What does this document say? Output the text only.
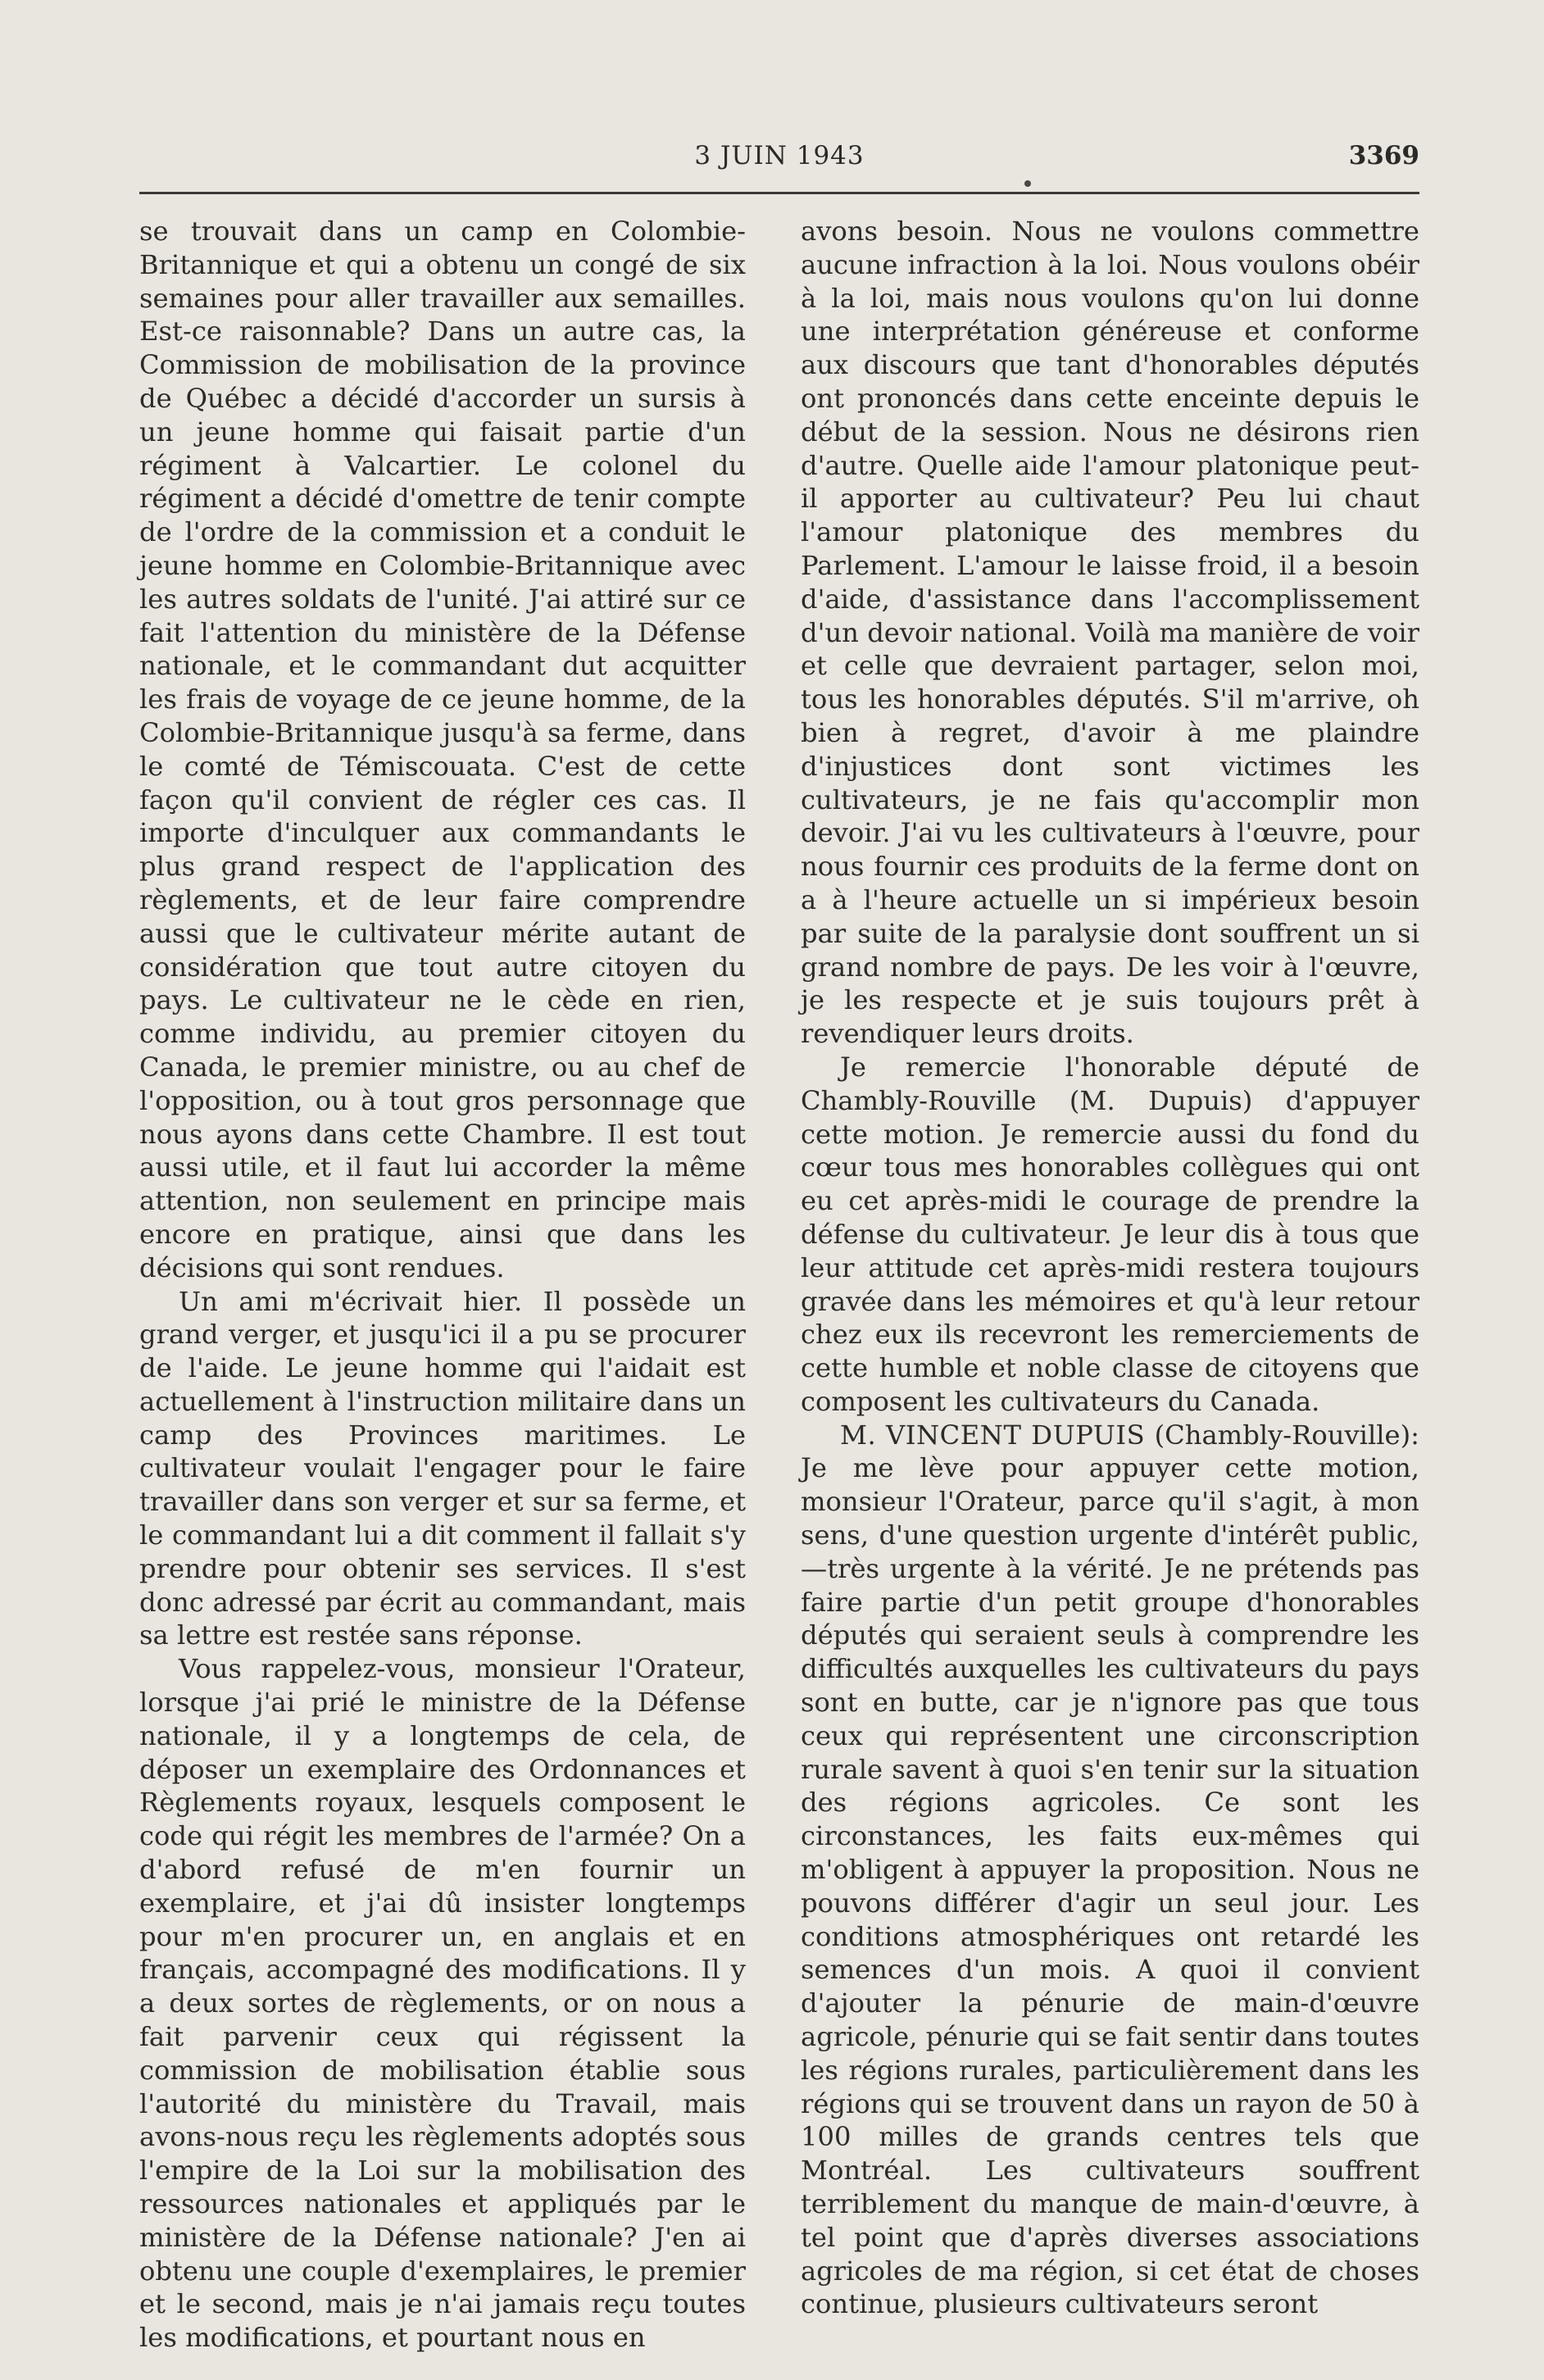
3 JUIN 1943	3369

se trouvait dans un camp en Colombie-Britannique et qui a obtenu un congé de six semaines pour aller travailler aux semailles. Est-ce raisonnable? Dans un autre cas, la Commission de mobilisation de la province de Québec a décidé d'accorder un sursis à un jeune homme qui faisait partie d'un régiment à Valcartier. Le colonel du régiment a décidé d'omettre de tenir compte de l'ordre de la commission et a conduit le jeune homme en Colombie-Britannique avec les autres soldats de l'unité. J'ai attiré sur ce fait l'attention du ministère de la Défense nationale, et le commandant dut acquitter les frais de voyage de ce jeune homme, de la Colombie-Britannique jusqu'à sa ferme, dans le comté de Témiscouata. C'est de cette façon qu'il convient de régler ces cas. Il importe d'inculquer aux commandants le plus grand respect de l'application des règlements, et de leur faire comprendre aussi que le cultivateur mérite autant de considération que tout autre citoyen du pays. Le cultivateur ne le cède en rien, comme individu, au premier citoyen du Canada, le premier ministre, ou au chef de l'opposition, ou à tout gros personnage que nous ayons dans cette Chambre. Il est tout aussi utile, et il faut lui accorder la même attention, non seulement en principe mais encore en pratique, ainsi que dans les décisions qui sont rendues.

Un ami m'écrivait hier. Il possède un grand verger, et jusqu'ici il a pu se procurer de l'aide. Le jeune homme qui l'aidait est actuellement à l'instruction militaire dans un camp des Provinces maritimes. Le cultivateur voulait l'engager pour le faire travailler dans son verger et sur sa ferme, et le commandant lui a dit comment il fallait s'y prendre pour obtenir ses services. Il s'est donc adressé par écrit au commandant, mais sa lettre est restée sans réponse.

Vous rappelez-vous, monsieur l'Orateur, lorsque j'ai prié le ministre de la Défense nationale, il y a longtemps de cela, de déposer un exemplaire des Ordonnances et Règlements royaux, lesquels composent le code qui régit les membres de l'armée? On a d'abord refusé de m'en fournir un exemplaire, et j'ai dû insister longtemps pour m'en procurer un, en anglais et en français, accompagné des modifications. Il y a deux sortes de règlements, or on nous a fait parvenir ceux qui régissent la commission de mobilisation établie sous l'autorité du ministère du Travail, mais avons-nous reçu les règlements adoptés sous l'empire de la Loi sur la mobilisation des ressources nationales et appliqués par le ministère de la Défense nationale? J'en ai obtenu une couple d'exemplaires, le premier et le second, mais je n'ai jamais reçu toutes les modifications, et pourtant nous en

avons besoin. Nous ne voulons commettre aucune infraction à la loi. Nous voulons obéir à la loi, mais nous voulons qu'on lui donne une interprétation généreuse et conforme aux discours que tant d'honorables députés ont prononcés dans cette enceinte depuis le début de la session. Nous ne désirons rien d'autre. Quelle aide l'amour platonique peut-il apporter au cultivateur? Peu lui chaut l'amour platonique des membres du Parlement. L'amour le laisse froid, il a besoin d'aide, d'assistance dans l'accomplissement d'un devoir national. Voilà ma manière de voir et celle que devraient partager, selon moi, tous les honorables députés. S'il m'arrive, oh bien à regret, d'avoir à me plaindre d'injustices dont sont victimes les cultivateurs, je ne fais qu'accomplir mon devoir. J'ai vu les cultivateurs à l'œuvre, pour nous fournir ces produits de la ferme dont on a à l'heure actuelle un si impérieux besoin par suite de la paralysie dont souffrent un si grand nombre de pays. De les voir à l'œuvre, je les respecte et je suis toujours prêt à revendiquer leurs droits.

Je remercie l'honorable député de Chambly-Rouville (M. Dupuis) d'appuyer cette motion. Je remercie aussi du fond du cœur tous mes honorables collègues qui ont eu cet après-midi le courage de prendre la défense du cultivateur. Je leur dis à tous que leur attitude cet après-midi restera toujours gravée dans les mémoires et qu'à leur retour chez eux ils recevront les remerciements de cette humble et noble classe de citoyens que composent les cultivateurs du Canada.

M. VINCENT DUPUIS (Chambly-Rouville): Je me lève pour appuyer cette motion, monsieur l'Orateur, parce qu'il s'agit, à mon sens, d'une question urgente d'intérêt public,—très urgente à la vérité. Je ne prétends pas faire partie d'un petit groupe d'honorables députés qui seraient seuls à comprendre les difficultés auxquelles les cultivateurs du pays sont en butte, car je n'ignore pas que tous ceux qui représentent une circonscription rurale savent à quoi s'en tenir sur la situation des régions agricoles. Ce sont les circonstances, les faits eux-mêmes qui m'obligent à appuyer la proposition. Nous ne pouvons différer d'agir un seul jour. Les conditions atmosphériques ont retardé les semences d'un mois. A quoi il convient d'ajouter la pénurie de main-d'œuvre agricole, pénurie qui se fait sentir dans toutes les régions rurales, particulièrement dans les régions qui se trouvent dans un rayon de 50 à 100 milles de grands centres tels que Montréal. Les cultivateurs souffrent terriblement du manque de main-d'œuvre, à tel point que d'après diverses associations agricoles de ma région, si cet état de choses continue, plusieurs cultivateurs seront
